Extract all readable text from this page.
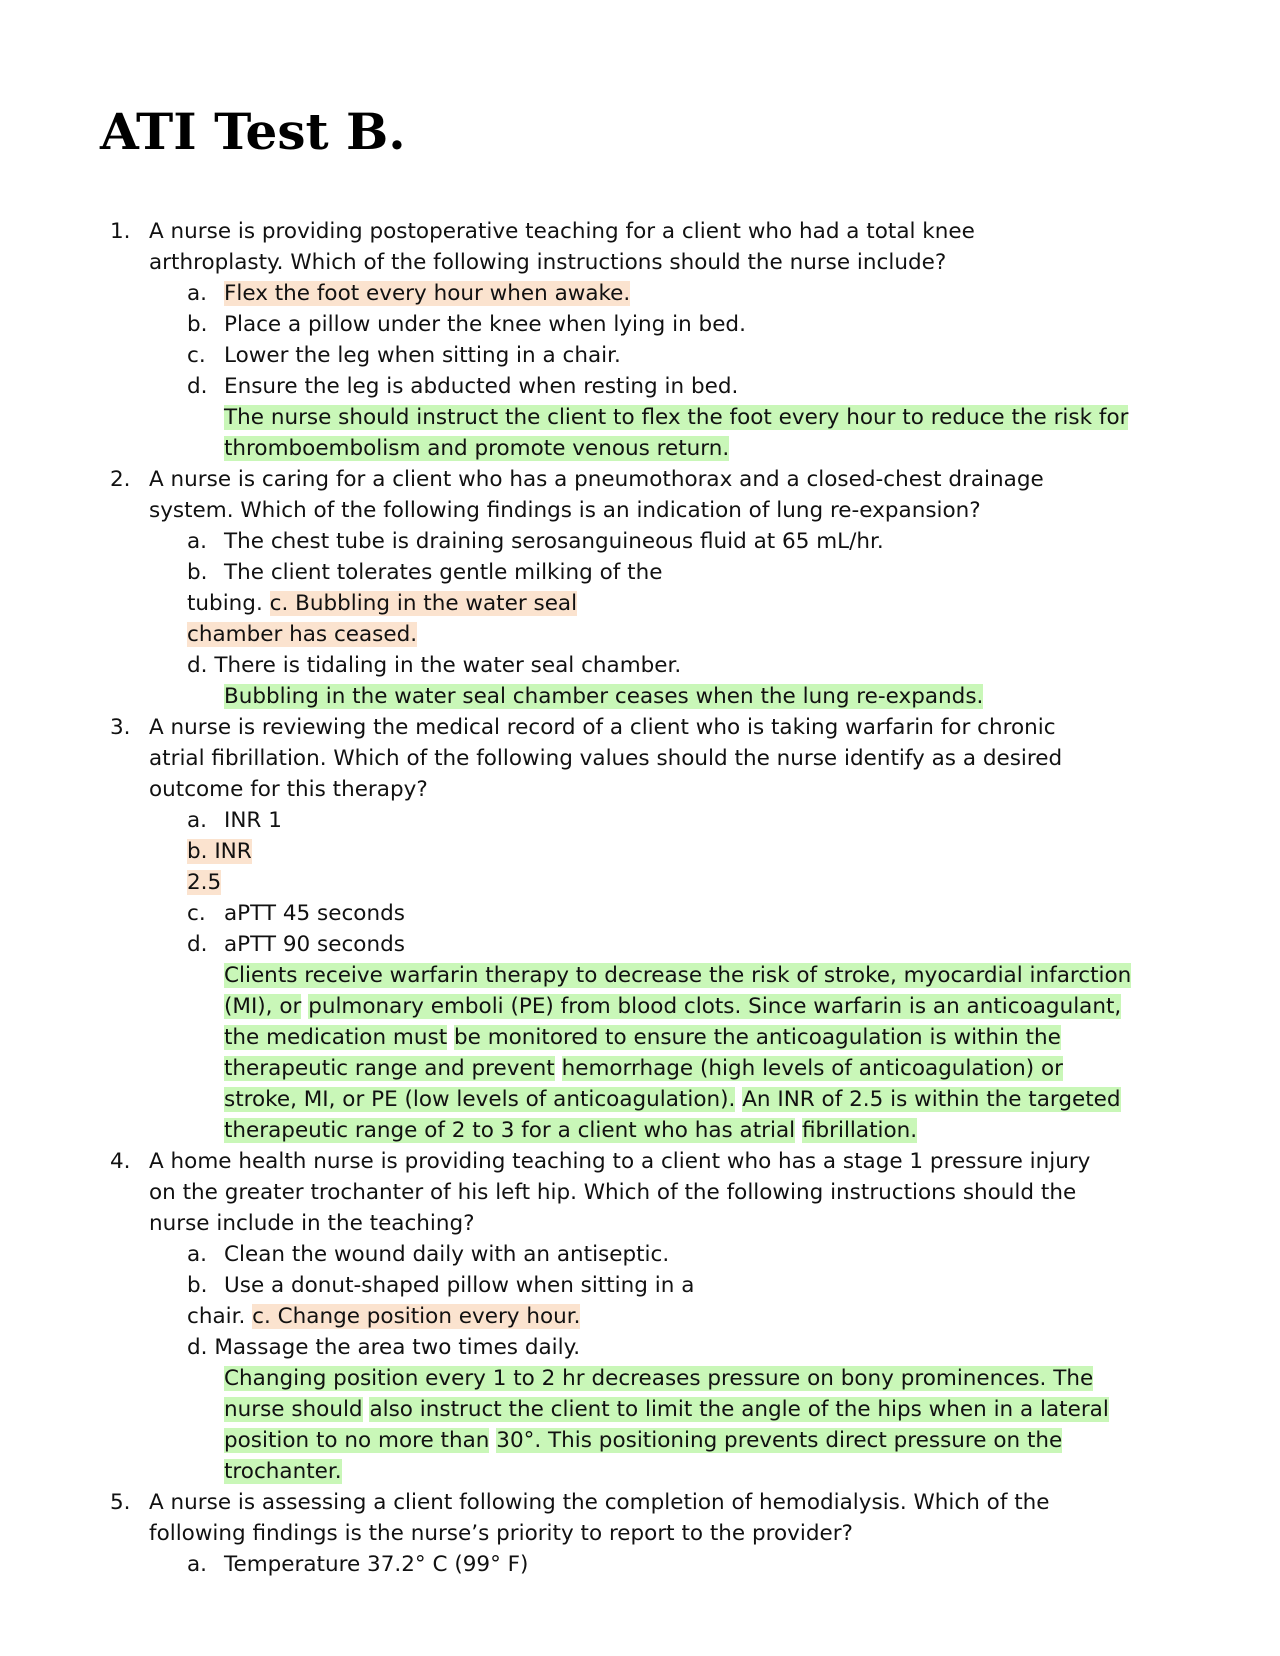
ATI Test B.
1. A nurse is providing postoperative teaching for a client who had a total knee
arthroplasty. Which of the following instructions should the nurse include?
a. Flex the foot every hour when awake.
b. Place a pillow under the knee when lying in bed.
c. Lower the leg when sitting in a chair.
d. Ensure the leg is abducted when resting in bed.
The nurse should instruct the client to flex the foot every hour to reduce the risk for
thromboembolism and promote venous return.
2. A nurse is caring for a client who has a pneumothorax and a closed-chest drainage
system. Which of the following findings is an indication of lung re-expansion?
a. The chest tube is draining serosanguineous fluid at 65 mL/hr.
b. The client tolerates gentle milking of the
tubing. c. Bubbling in the water seal
chamber has ceased.
d. There is tidaling in the water seal chamber.
Bubbling in the water seal chamber ceases when the lung re-expands.
3. A nurse is reviewing the medical record of a client who is taking warfarin for chronic
atrial fibrillation. Which of the following values should the nurse identify as a desired
outcome for this therapy?
a. INR 1
b. INR
2.5
c. aPTT 45 seconds
d. aPTT 90 seconds
Clients receive warfarin therapy to decrease the risk of stroke, myocardial infarction
(MI), or pulmonary emboli (PE) from blood clots. Since warfarin is an anticoagulant,
the medication must be monitored to ensure the anticoagulation is within the
therapeutic range and prevent hemorrhage (high levels of anticoagulation) or
stroke, MI, or PE (low levels of anticoagulation). An INR of 2.5 is within the targeted
therapeutic range of 2 to 3 for a client who has atrial fibrillation.
4. A home health nurse is providing teaching to a client who has a stage 1 pressure injury
on the greater trochanter of his left hip. Which of the following instructions should the
nurse include in the teaching?
a. Clean the wound daily with an antiseptic.
b. Use a donut-shaped pillow when sitting in a
chair. c. Change position every hour.
d. Massage the area two times daily.
Changing position every 1 to 2 hr decreases pressure on bony prominences. The
nurse should also instruct the client to limit the angle of the hips when in a lateral
position to no more than 30°. This positioning prevents direct pressure on the
trochanter.
5. A nurse is assessing a client following the completion of hemodialysis. Which of the
following findings is the nurse’s priority to report to the provider?
a. Temperature 37.2° C (99° F)
